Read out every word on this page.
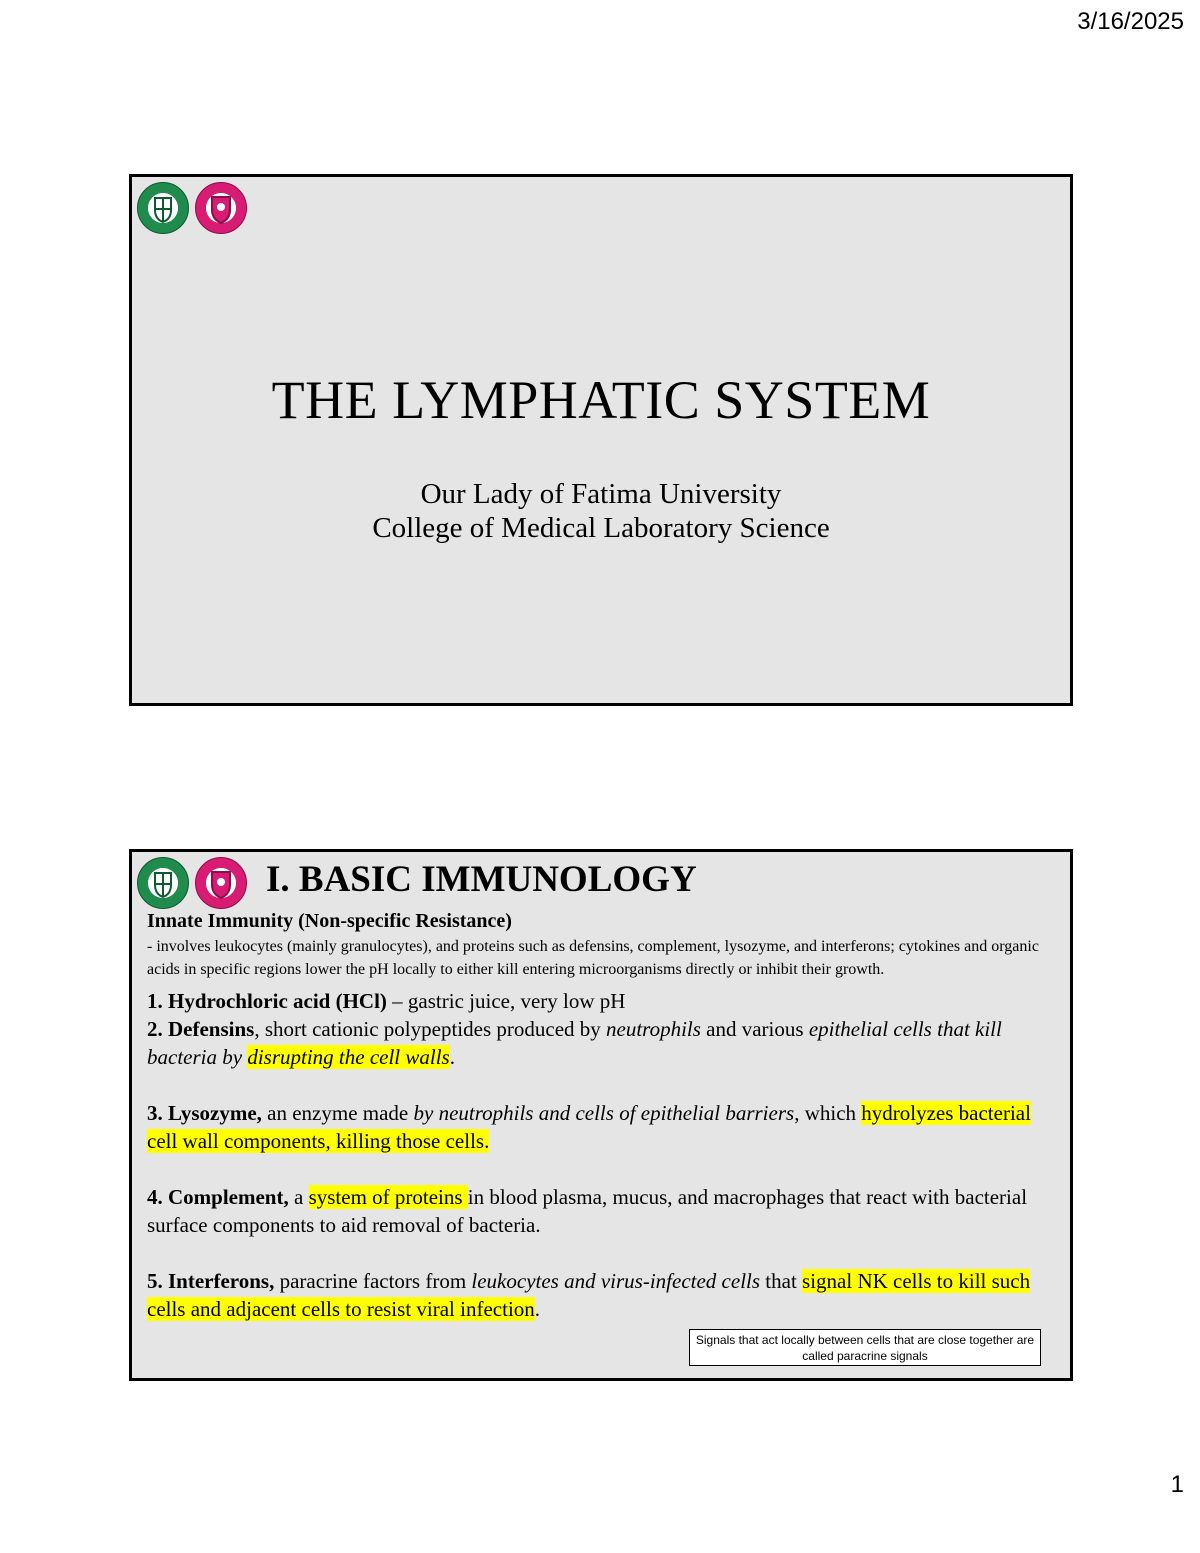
3/16/2025
THE LYMPHATIC SYSTEM
Our Lady of Fatima University
College of Medical Laboratory Science
I. BASIC IMMUNOLOGY
Innate Immunity (Non-specific Resistance)
- involves leukocytes (mainly granulocytes), and proteins such as defensins, complement, lysozyme, and interferons; cytokines and organic acids in specific regions lower the pH locally to either kill entering microorganisms directly or inhibit their growth.

1. Hydrochloric acid (HCl) – gastric juice, very low pH

2. Defensins, short cationic polypeptides produced by neutrophils and various epithelial cells that kill bacteria by disrupting the cell walls.

3. Lysozyme, an enzyme made by neutrophils and cells of epithelial barriers, which hydrolyzes bacterial cell wall components, killing those cells.

4. Complement, a system of proteins in blood plasma, mucus, and macrophages that react with bacterial surface components to aid removal of bacteria.

5. Interferons, paracrine factors from leukocytes and virus-infected cells that signal NK cells to kill such cells and adjacent cells to resist viral infection.

Signals that act locally between cells that are close together are called paracrine signals
1
